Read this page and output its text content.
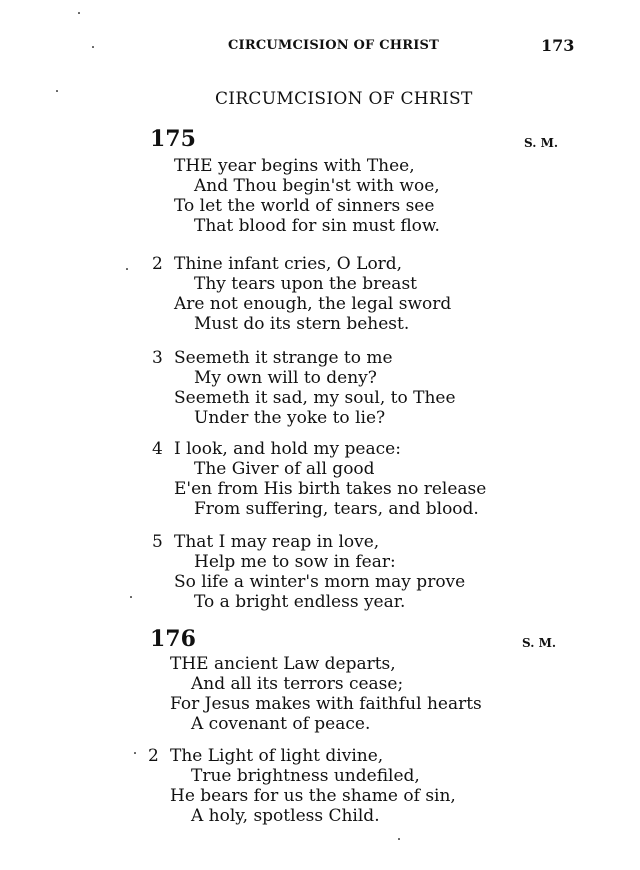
CIRCUMCISION OF CHRIST	173
CIRCUMCISION OF CHRIST
175	S. M.
THE year begins with Thee,
And Thou begin'st with woe,
To let the world of sinners see
That blood for sin must flow.
2 Thine infant cries, O Lord,
Thy tears upon the breast
Are not enough, the legal sword
Must do its stern behest.
3 Seemeth it strange to me
My own will to deny?
Seemeth it sad, my soul, to Thee
Under the yoke to lie?
4 I look, and hold my peace:
The Giver of all good
E'en from His birth takes no release
From suffering, tears, and blood.
5 That I may reap in love,
Help me to sow in fear:
So life a winter's morn may prove
To a bright endless year.
176	S. M.
THE ancient Law departs,
And all its terrors cease;
For Jesus makes with faithful hearts
A covenant of peace.
2 The Light of light divine,
True brightness undefiled,
He bears for us the shame of sin,
A holy, spotless Child.
